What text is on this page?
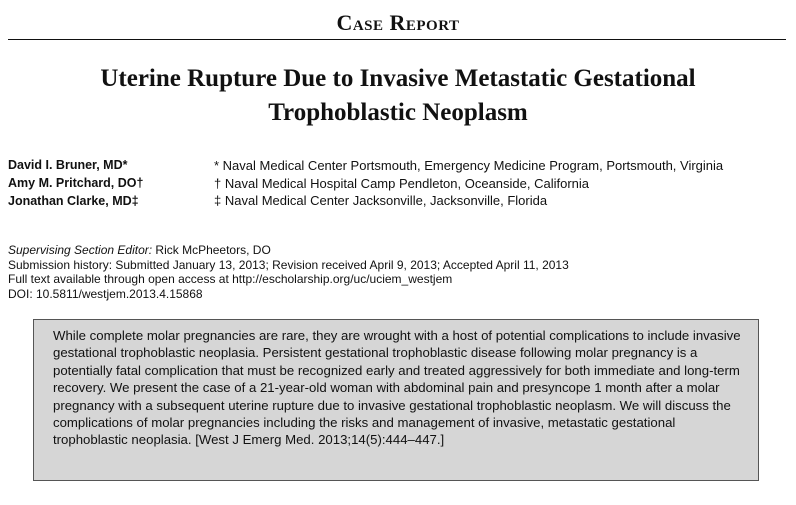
Case Report
Uterine Rupture Due to Invasive Metastatic Gestational
Trophoblastic Neoplasm
David I. Bruner, MD*
Amy M. Pritchard, DO†
Jonathan Clarke, MD‡
* Naval Medical Center Portsmouth, Emergency Medicine Program, Portsmouth, Virginia
† Naval Medical Hospital Camp Pendleton, Oceanside, California
‡ Naval Medical Center Jacksonville, Jacksonville, Florida
Supervising Section Editor: Rick McPheetors, DO
Submission history: Submitted January 13, 2013; Revision received April 9, 2013; Accepted April 11, 2013
Full text available through open access at http://escholarship.org/uc/uciem_westjem
DOI: 10.5811/westjem.2013.4.15868
While complete molar pregnancies are rare, they are wrought with a host of potential complications to include invasive gestational trophoblastic neoplasia. Persistent gestational trophoblastic disease following molar pregnancy is a potentially fatal complication that must be recognized early and treated aggressively for both immediate and long-term recovery. We present the case of a 21-year-old woman with abdominal pain and presyncope 1 month after a molar pregnancy with a subsequent uterine rupture due to invasive gestational trophoblastic neoplasm. We will discuss the complications of molar pregnancies including the risks and management of invasive, metastatic gestational trophoblastic neoplasia. [West J Emerg Med. 2013;14(5):444–447.]
